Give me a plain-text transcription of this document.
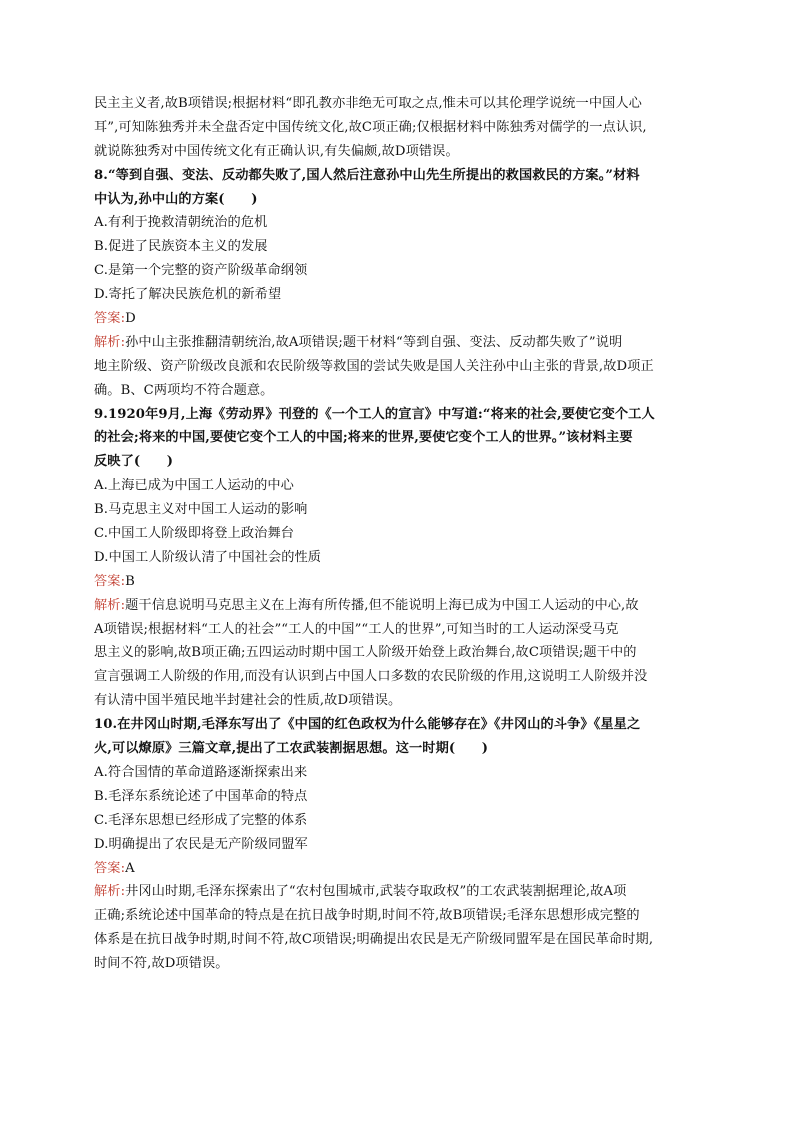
民主主义者,故B项错误;根据材料“即孔教亦非绝无可取之点,惟未可以其伦理学说统一中国人心
耳”,可知陈独秀并未全盘否定中国传统文化,故C项正确;仅根据材料中陈独秀对儒学的一点认识,
就说陈独秀对中国传统文化有正确认识,有失偏颇,故D项错误。
8.“等到自强、变法、反动都失败了,国人然后注意孙中山先生所提出的救国救民的方案。”材料
中认为,孙中山的方案(　　)
A.有利于挽救清朝统治的危机
B.促进了民族资本主义的发展
C.是第一个完整的资产阶级革命纲领
D.寄托了解决民族危机的新希望
答案:D
解析:孙中山主张推翻清朝统治,故A项错误;题干材料“等到自强、变法、反动都失败了”说明
地主阶级、资产阶级改良派和农民阶级等救国的尝试失败是国人关注孙中山主张的背景,故D项正
确。B、C两项均不符合题意。
9.1920年9月,上海《劳动界》刊登的《一个工人的宣言》中写道:“将来的社会,要使它变个工人
的社会;将来的中国,要使它变个工人的中国;将来的世界,要使它变个工人的世界。”该材料主要
反映了(　　)
A.上海已成为中国工人运动的中心
B.马克思主义对中国工人运动的影响
C.中国工人阶级即将登上政治舞台
D.中国工人阶级认清了中国社会的性质
答案:B
解析:题干信息说明马克思主义在上海有所传播,但不能说明上海已成为中国工人运动的中心,故
A项错误;根据材料“工人的社会”“工人的中国”“工人的世界”,可知当时的工人运动深受马克
思主义的影响,故B项正确;五四运动时期中国工人阶级开始登上政治舞台,故C项错误;题干中的
宣言强调工人阶级的作用,而没有认识到占中国人口多数的农民阶级的作用,这说明工人阶级并没
有认清中国半殖民地半封建社会的性质,故D项错误。
10.在井冈山时期,毛泽东写出了《中国的红色政权为什么能够存在》《井冈山的斗争》《星星之
火,可以燎原》三篇文章,提出了工农武装割据思想。这一时期(　　)
A.符合国情的革命道路逐渐探索出来
B.毛泽东系统论述了中国革命的特点
C.毛泽东思想已经形成了完整的体系
D.明确提出了农民是无产阶级同盟军
答案:A
解析:井冈山时期,毛泽东探索出了“农村包围城市,武装夺取政权”的工农武装割据理论,故A项
正确;系统论述中国革命的特点是在抗日战争时期,时间不符,故B项错误;毛泽东思想形成完整的
体系是在抗日战争时期,时间不符,故C项错误;明确提出农民是无产阶级同盟军是在国民革命时期,
时间不符,故D项错误。
